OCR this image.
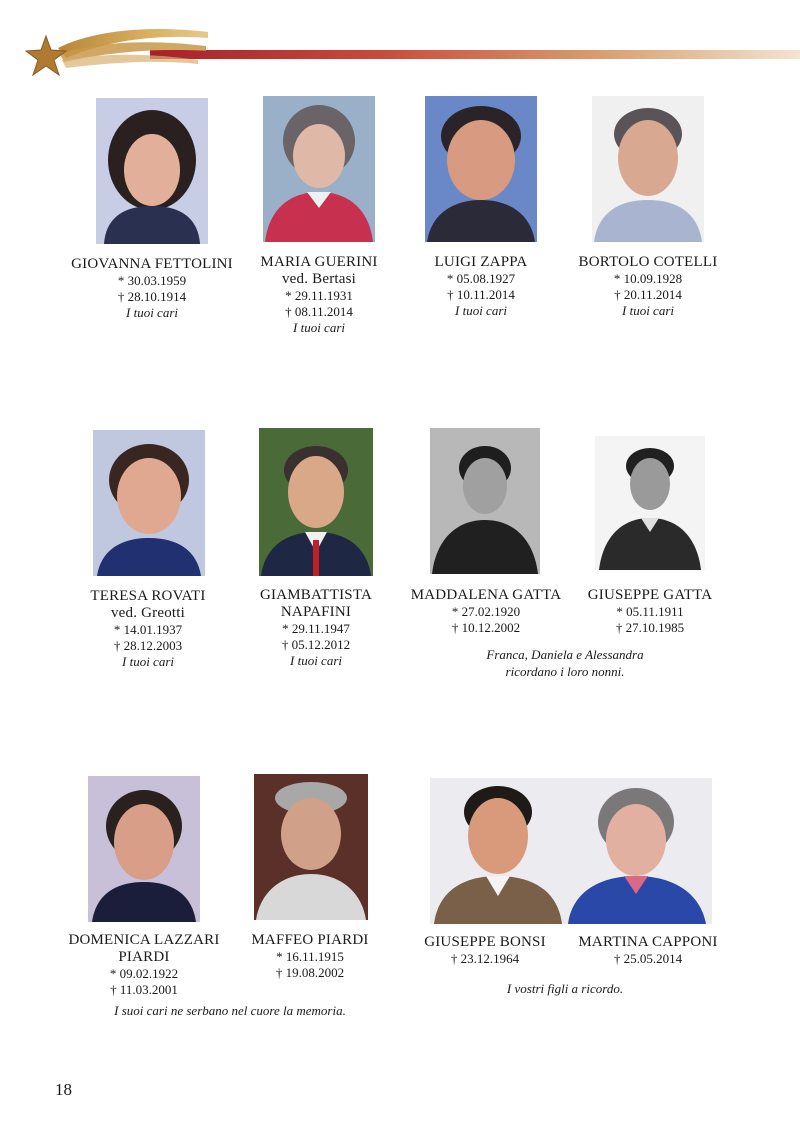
GIOVANNA FETTOLINI
* 30.03.1959
† 28.10.1914
I tuoi cari
MARIA GUERINI
ved. Bertasi
* 29.11.1931
† 08.11.2014
I tuoi cari
LUIGI ZAPPA
* 05.08.1927
† 10.11.2014
I tuoi cari
BORTOLO COTELLI
* 10.09.1928
† 20.11.2014
I tuoi cari
TERESA ROVATI
ved. Greotti
* 14.01.1937
† 28.12.2003
I tuoi cari
GIAMBATTISTA
NAPAFINI
* 29.11.1947
† 05.12.2012
I tuoi cari
MADDALENA GATTA
* 27.02.1920
† 10.12.2002
GIUSEPPE GATTA
* 05.11.1911
† 27.10.1985
Franca, Daniela e Alessandra
ricordano i loro nonni.
DOMENICA LAZZARI
PIARDI
* 09.02.1922
† 11.03.2001
MAFFEO PIARDI
* 16.11.1915
† 19.08.2002
GIUSEPPE BONSI
† 23.12.1964
MARTINA CAPPONI
† 25.05.2014
I vostri figli a ricordo.
I suoi cari ne serbano nel cuore la memoria.
18
